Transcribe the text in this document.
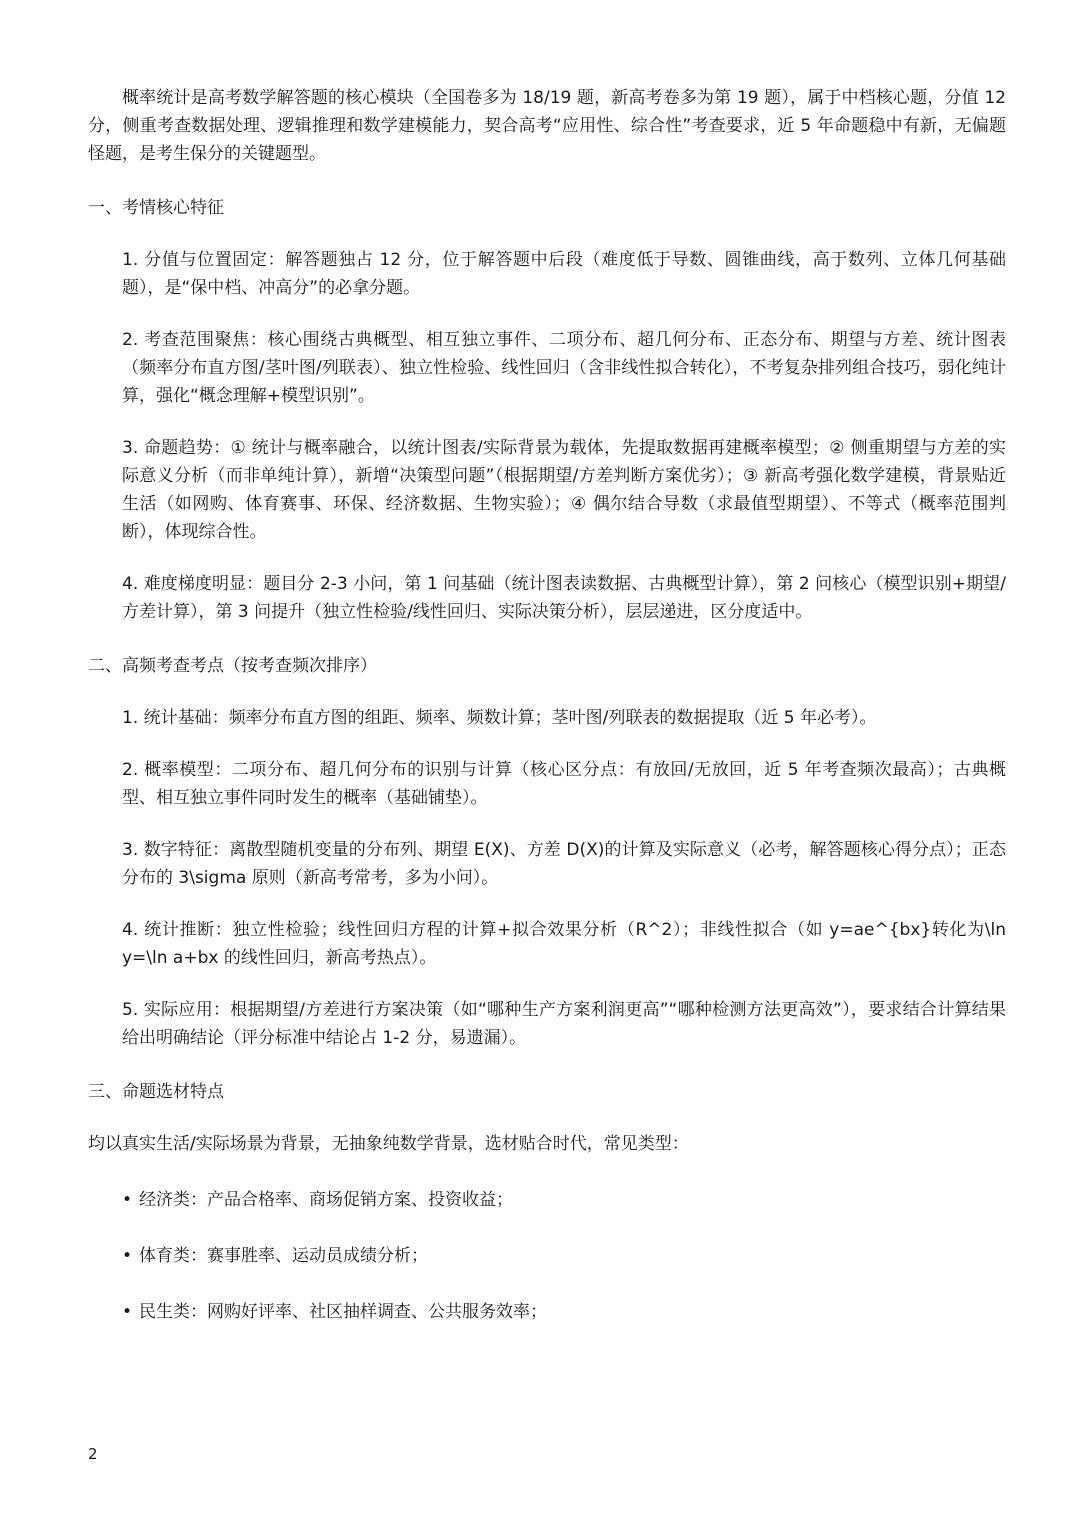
概率统计是高考数学解答题的核心模块（全国卷多为 18/19 题，新高考卷多为第 19 题），属于中档核心题，分值 12 分，侧重考查数据处理、逻辑推理和数学建模能力，契合高考“应用性、综合性”考查要求，近 5 年命题稳中有新，无偏题怪题，是考生保分的关键题型。

一、考情核心特征

1. 分值与位置固定：解答题独占 12 分，位于解答题中后段（难度低于导数、圆锥曲线，高于数列、立体几何基础题），是“保中档、冲高分”的必拿分题。

2. 考查范围聚焦：核心围绕古典概型、相互独立事件、二项分布、超几何分布、正态分布、期望与方差、统计图表（频率分布直方图/茎叶图/列联表）、独立性检验、线性回归（含非线性拟合转化），不考复杂排列组合技巧，弱化纯计算，强化“概念理解+模型识别”。

3. 命题趋势：① 统计与概率融合，以统计图表/实际背景为载体，先提取数据再建概率模型；② 侧重期望与方差的实际意义分析（而非单纯计算），新增“决策型问题”（根据期望/方差判断方案优劣）；③ 新高考强化数学建模，背景贴近生活（如网购、体育赛事、环保、经济数据、生物实验）；④ 偶尔结合导数（求最值型期望）、不等式（概率范围判断），体现综合性。

4. 难度梯度明显：题目分 2-3 小问，第 1 问基础（统计图表读数据、古典概型计算），第 2 问核心（模型识别+期望/方差计算），第 3 问提升（独立性检验/线性回归、实际决策分析），层层递进，区分度适中。

二、高频考查考点（按考查频次排序）

1. 统计基础：频率分布直方图的组距、频率、频数计算；茎叶图/列联表的数据提取（近 5 年必考）。

2. 概率模型：二项分布、超几何分布的识别与计算（核心区分点：有放回/无放回，近 5 年考查频次最高）；古典概型、相互独立事件同时发生的概率（基础铺垫）。

3. 数字特征：离散型随机变量的分布列、期望 E(X)、方差 D(X)的计算及实际意义（必考，解答题核心得分点）；正态分布的 3\sigma 原则（新高考常考，多为小问）。

4. 统计推断：独立性检验；线性回归方程的计算+拟合效果分析（R^2）；非线性拟合（如 y=ae^{bx}转化为\ln y=\ln a+bx 的线性回归，新高考热点）。

5. 实际应用：根据期望/方差进行方案决策（如“哪种生产方案利润更高”“哪种检测方法更高效”），要求结合计算结果给出明确结论（评分标准中结论占 1-2 分，易遗漏）。

三、命题选材特点

均以真实生活/实际场景为背景，无抽象纯数学背景，选材贴合时代，常见类型：

• 经济类：产品合格率、商场促销方案、投资收益；
• 体育类：赛事胜率、运动员成绩分析；
• 民生类：网购好评率、社区抽样调查、公共服务效率；
2
